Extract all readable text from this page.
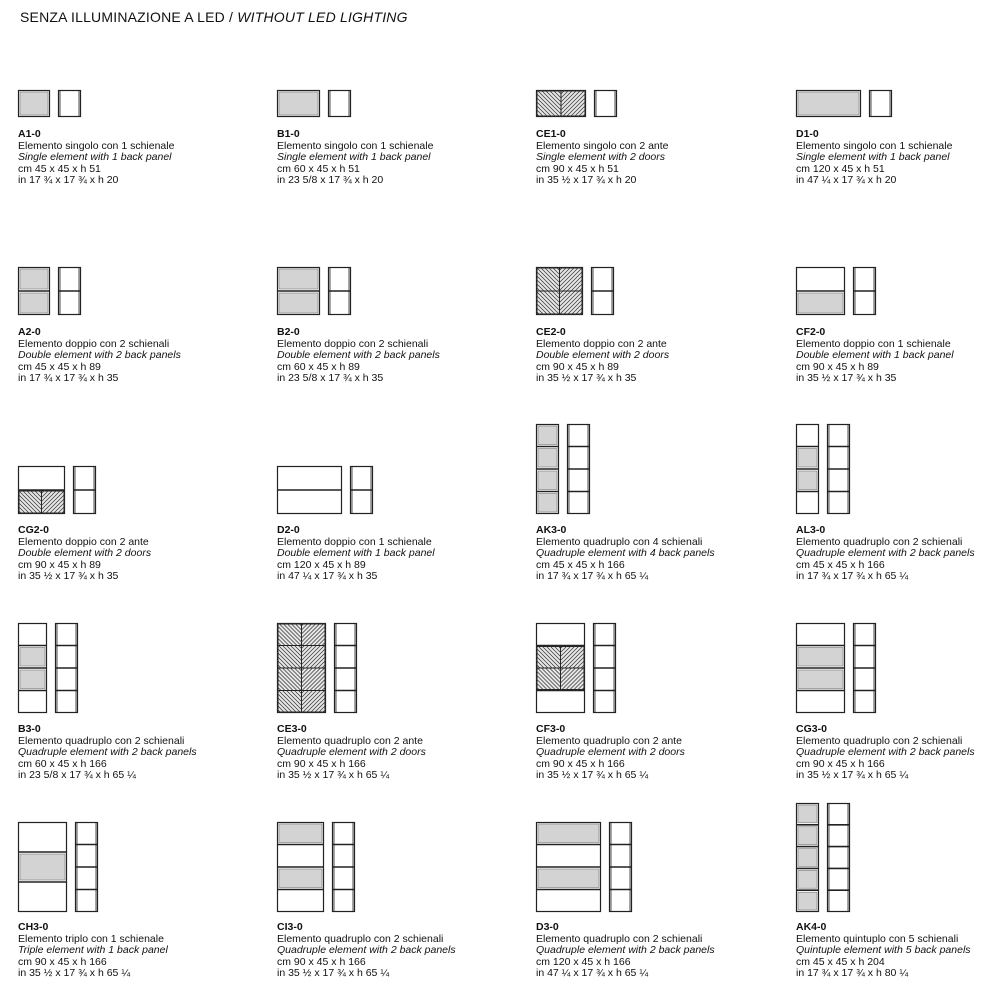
SENZA ILLUMINAZIONE A LED / WITHOUT LED LIGHTING
A1-0
Elemento singolo con 1 schienale
Single element with 1 back panel
cm 45 x 45 x h 51
in 17 ¾ x 17 ¾ x h 20
B1-0
Elemento singolo con 1 schienale
Single element with 1 back panel
cm 60 x 45 x h 51
in 23 5/8 x 17 ¾ x h 20
CE1-0
Elemento singolo con 2 ante
Single element with 2 doors
cm 90 x 45 x h 51
in 35 ½ x 17 ¾ x h 20
D1-0
Elemento singolo con 1 schienale
Single element with 1 back panel
cm 120 x 45 x h 51
in 47 ¼ x 17 ¾ x h 20
A2-0
Elemento doppio con 2 schienali
Double element with 2 back panels
cm 45 x 45 x h 89
in 17 ¾ x 17 ¾ x h 35
B2-0
Elemento doppio con 2 schienali
Double element with 2 back panels
cm 60 x 45 x h 89
in 23 5/8 x 17 ¾ x h 35
CE2-0
Elemento doppio con 2 ante
Double element with 2 doors
cm 90 x 45 x h 89
in 35 ½ x 17 ¾ x h 35
CF2-0
Elemento doppio con 1 schienale
Double element with 1 back panel
cm 90 x 45 x h 89
in 35 ½ x 17 ¾ x h 35
CG2-0
Elemento doppio con 2 ante
Double element with 2 doors
cm 90 x 45 x h 89
in 35 ½ x 17 ¾ x h 35
D2-0
Elemento doppio con 1 schienale
Double element with 1 back panel
cm 120 x 45 x h 89
in 47 ¼ x 17 ¾ x h 35
AK3-0
Elemento quadruplo con 4 schienali
Quadruple element with 4 back panels
cm 45 x 45 x h 166
in 17 ¾ x 17 ¾ x h 65 ¼
AL3-0
Elemento quadruplo con 2 schienali
Quadruple element with 2 back panels
cm 45 x 45 x h 166
in 17 ¾ x 17 ¾ x h 65 ¼
B3-0
Elemento quadruplo con 2 schienali
Quadruple element with 2 back panels
cm 60 x 45 x h 166
in 23 5/8 x 17 ¾ x h 65 ¼
CE3-0
Elemento quadruplo con 2 ante
Quadruple element with 2 doors
cm 90 x 45 x h 166
in 35 ½ x 17 ¾ x h 65 ¼
CF3-0
Elemento quadruplo con 2 ante
Quadruple element with 2 doors
cm 90 x 45 x h 166
in 35 ½ x 17 ¾ x h 65 ¼
CG3-0
Elemento quadruplo con 2 schienali
Quadruple element with 2 back panels
cm 90 x 45 x h 166
in 35 ½ x 17 ¾ x h 65 ¼
CH3-0
Elemento triplo con 1 schienale
Triple element with 1 back panel
cm 90 x 45 x h 166
in 35 ½ x 17 ¾ x h 65 ¼
CI3-0
Elemento quadruplo con 2 schienali
Quadruple element with 2 back panels
cm 90 x 45 x h 166
in 35 ½ x 17 ¾ x h 65 ¼
D3-0
Elemento quadruplo con 2 schienali
Quadruple element with 2 back panels
cm 120 x 45 x h 166
in 47 ¼ x 17 ¾ x h 65 ¼
AK4-0
Elemento quintuplo con 5 schienali
Quintuple element with 5 back panels
cm 45 x 45 x h 204
in 17 ¾ x 17 ¾ x h 80 ¼
